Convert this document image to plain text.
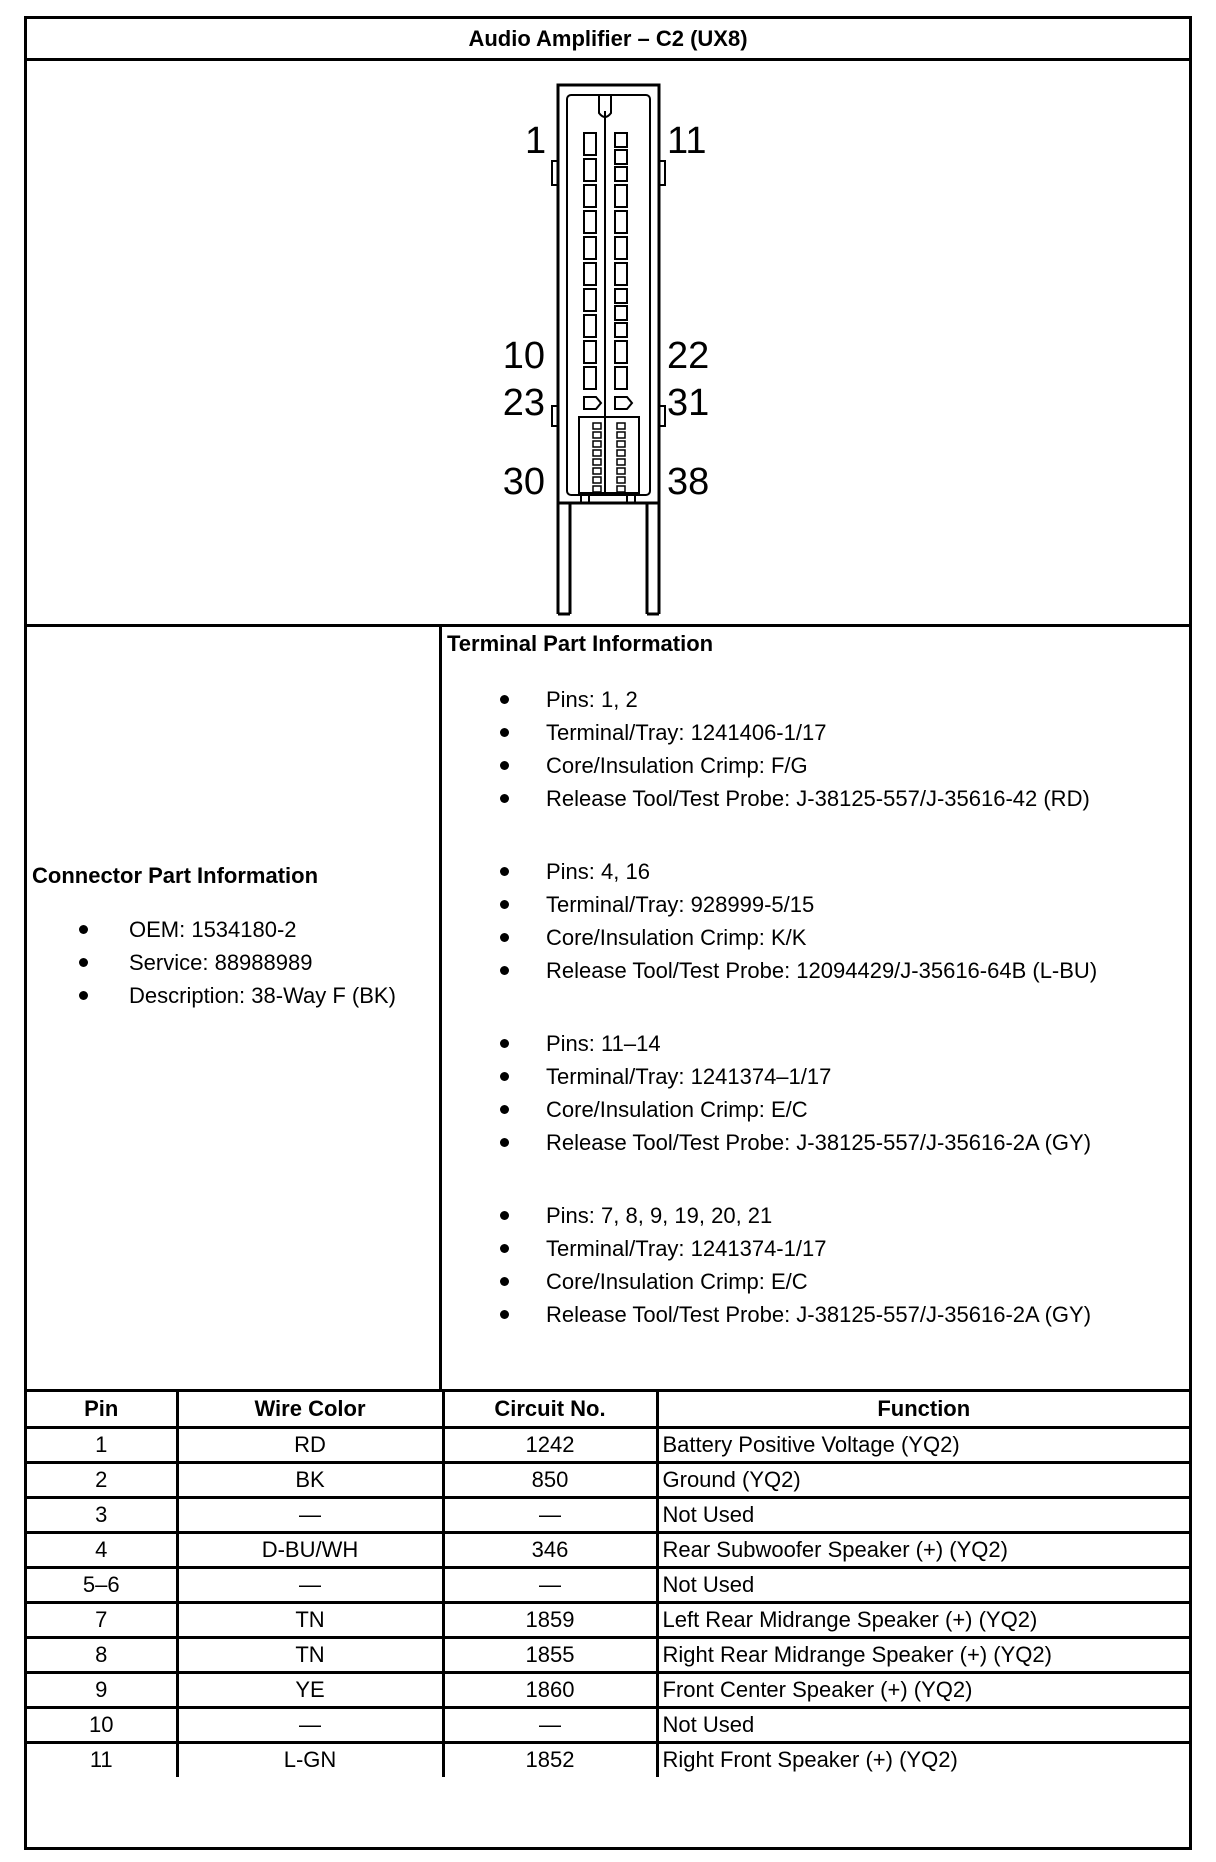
Audio Amplifier – C2 (UX8)
1	11
10	22
23	31
30	38
Connector Part Information
OEM: 1534180-2
Service: 88988989
Description: 38-Way F (BK)
Terminal Part Information
Pins: 1, 2
Terminal/Tray: 1241406-1/17
Core/Insulation Crimp: F/G
Release Tool/Test Probe: J-38125-557/J-35616-42 (RD)
Pins: 4, 16
Terminal/Tray: 928999-5/15
Core/Insulation Crimp: K/K
Release Tool/Test Probe: 12094429/J-35616-64B (L-BU)
Pins: 11–14
Terminal/Tray: 1241374–1/17
Core/Insulation Crimp: E/C
Release Tool/Test Probe: J-38125-557/J-35616-2A (GY)
Pins: 7, 8, 9, 19, 20, 21
Terminal/Tray: 1241374-1/17
Core/Insulation Crimp: E/C
Release Tool/Test Probe: J-38125-557/J-35616-2A (GY)
Pin	Wire Color	Circuit No.	Function
1	RD	1242	Battery Positive Voltage (YQ2)
2	BK	850	Ground (YQ2)
3	—	—	Not Used
4	D-BU/WH	346	Rear Subwoofer Speaker (+) (YQ2)
5–6	—	—	Not Used
7	TN	1859	Left Rear Midrange Speaker (+) (YQ2)
8	TN	1855	Right Rear Midrange Speaker (+) (YQ2)
9	YE	1860	Front Center Speaker (+) (YQ2)
10	—	—	Not Used
11	L-GN	1852	Right Front Speaker (+) (YQ2)
